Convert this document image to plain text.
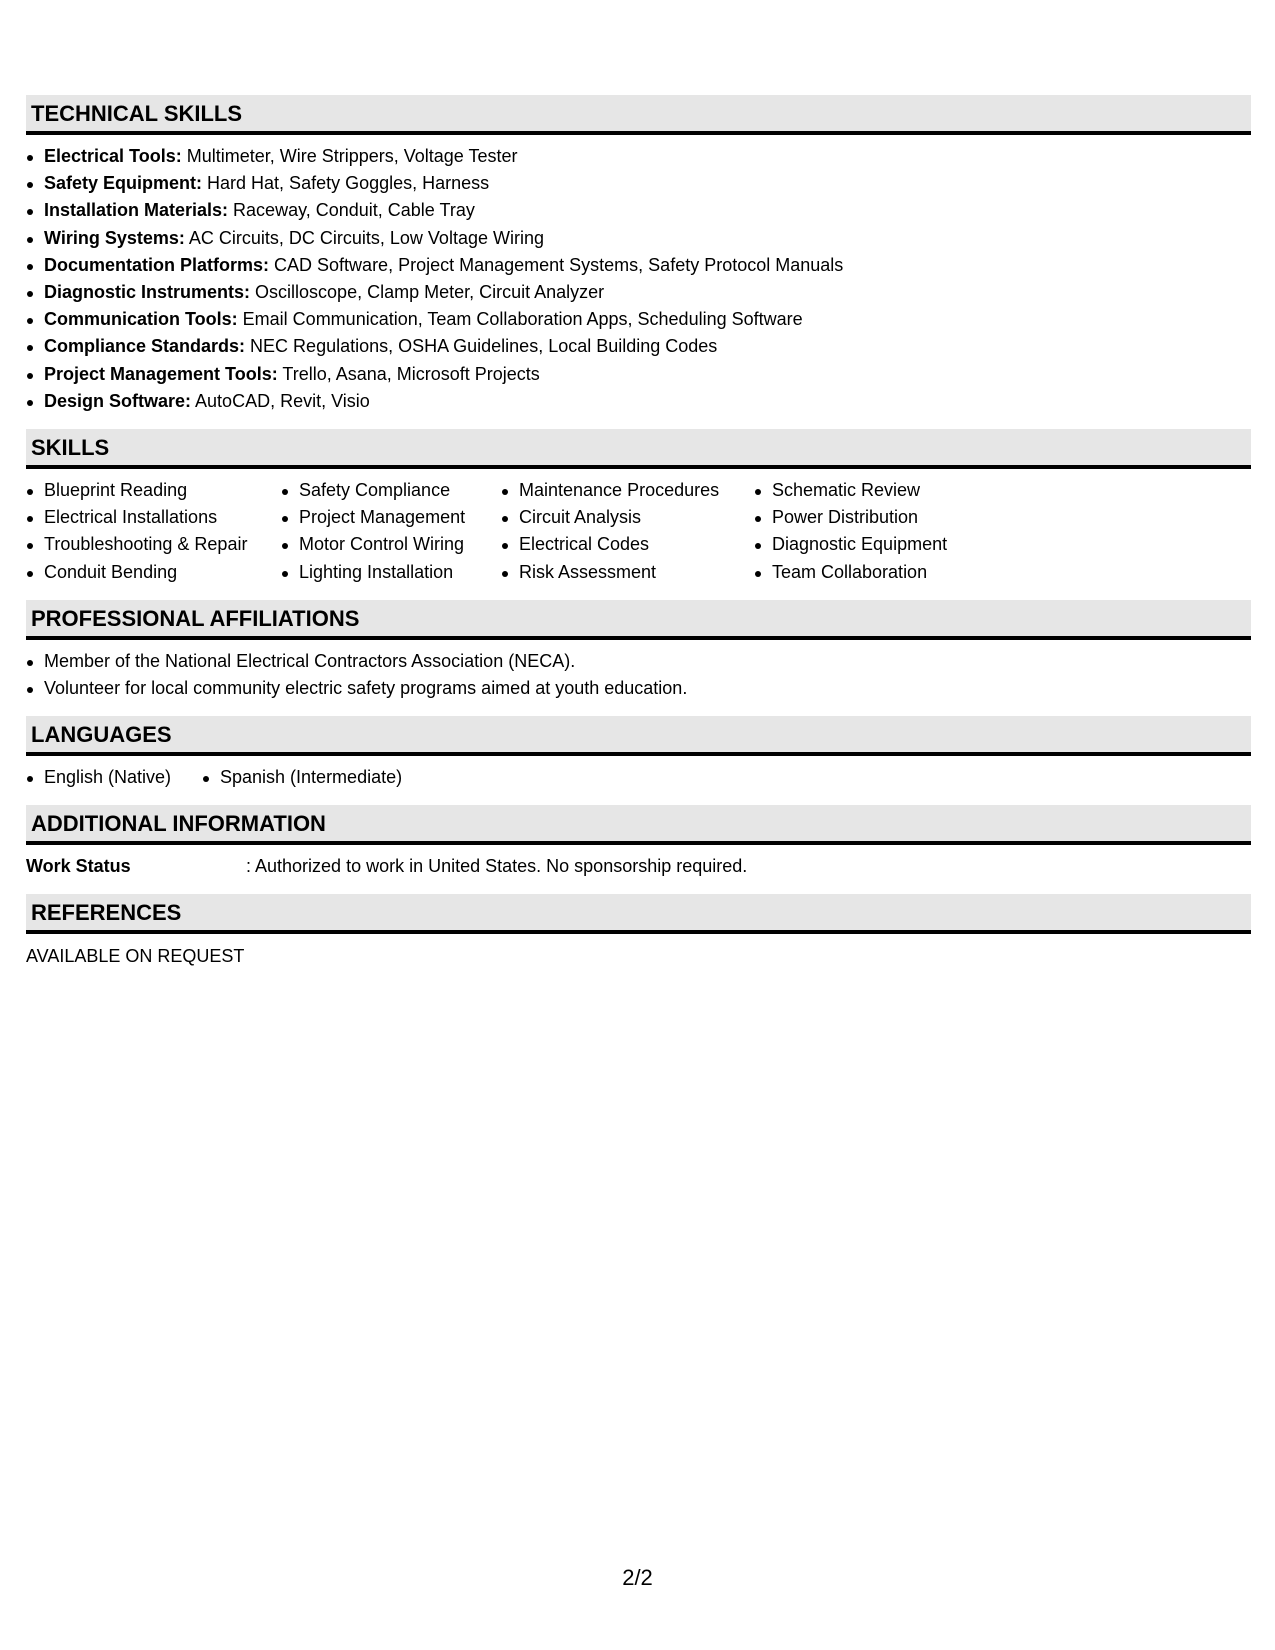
TECHNICAL SKILLS
Electrical Tools: Multimeter, Wire Strippers, Voltage Tester
Safety Equipment: Hard Hat, Safety Goggles, Harness
Installation Materials: Raceway, Conduit, Cable Tray
Wiring Systems: AC Circuits, DC Circuits, Low Voltage Wiring
Documentation Platforms: CAD Software, Project Management Systems, Safety Protocol Manuals
Diagnostic Instruments: Oscilloscope, Clamp Meter, Circuit Analyzer
Communication Tools: Email Communication, Team Collaboration Apps, Scheduling Software
Compliance Standards: NEC Regulations, OSHA Guidelines, Local Building Codes
Project Management Tools: Trello, Asana, Microsoft Projects
Design Software: AutoCAD, Revit, Visio
SKILLS
Blueprint Reading
Electrical Installations
Troubleshooting & Repair
Conduit Bending
Safety Compliance
Project Management
Motor Control Wiring
Lighting Installation
Maintenance Procedures
Circuit Analysis
Electrical Codes
Risk Assessment
Schematic Review
Power Distribution
Diagnostic Equipment
Team Collaboration
PROFESSIONAL AFFILIATIONS
Member of the National Electrical Contractors Association (NECA).
Volunteer for local community electric safety programs aimed at youth education.
LANGUAGES
English (Native)	Spanish (Intermediate)
ADDITIONAL INFORMATION
Work Status	: Authorized to work in United States. No sponsorship required.
REFERENCES
AVAILABLE ON REQUEST
2/2
